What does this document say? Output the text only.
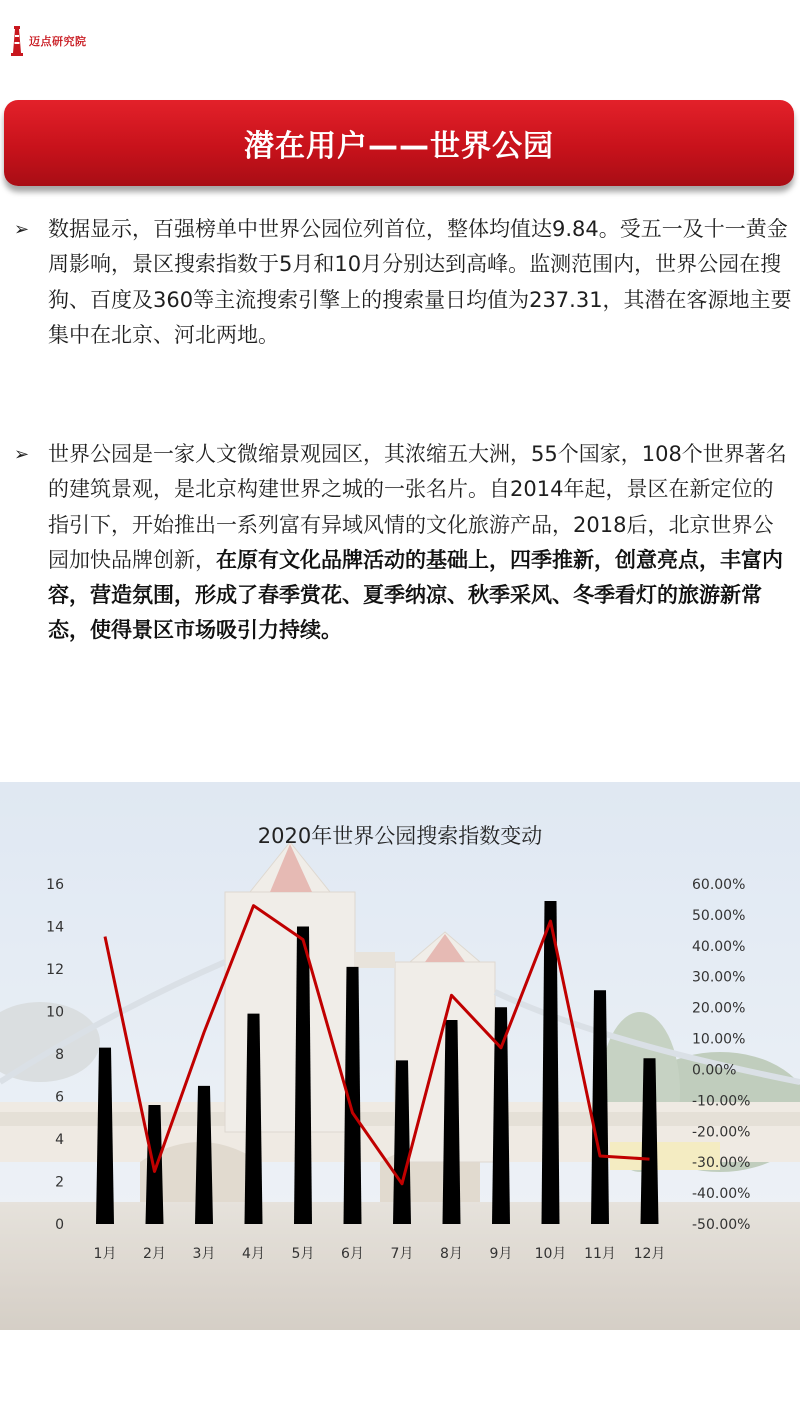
迈点研究院
潜在用户——世界公园
➢ 数据显示，百强榜单中世界公园位列首位，整体均值达9.84。受五一及十一黄金周影响，景区搜索指数于5月和10月分别达到高峰。监测范围内，世界公园在搜狗、百度及360等主流搜索引擎上的搜索量日均值为237.31，其潜在客源地主要集中在北京、河北两地。
➢ 世界公园是一家人文微缩景观园区，其浓缩五大洲，55个国家，108个世界著名的建筑景观，是北京构建世界之城的一张名片。自2014年起，景区在新定位的指引下，开始推出一系列富有异域风情的文化旅游产品，2018后，北京世界公园加快品牌创新，在原有文化品牌活动的基础上，四季推新，创意亮点，丰富内容，营造氛围，形成了春季赏花、夏季纳凉、秋季采风、冬季看灯的旅游新常态，使得景区市场吸引力持续。
2020年世界公园搜索指数变动
0
2
4
6
8
10
12
14
16
-50.00%
-40.00%
-30.00%
-20.00%
-10.00%
0.00%
10.00%
20.00%
30.00%
40.00%
50.00%
60.00%
1月 2月 3月 4月 5月 6月 7月 8月 9月 10月 11月 12月
